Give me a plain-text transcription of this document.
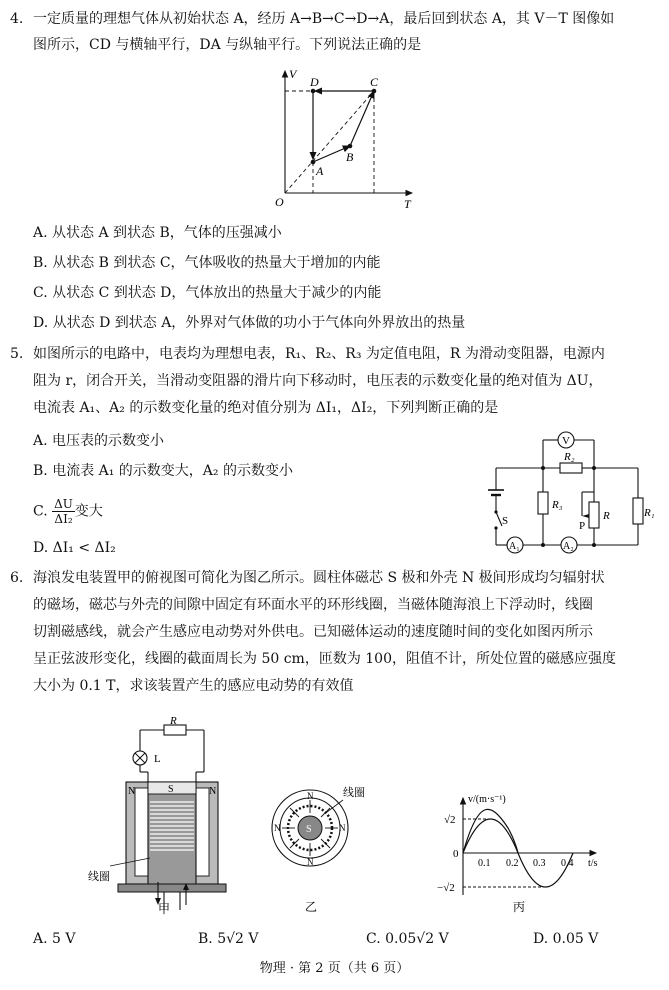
4. 一定质量的理想气体从初始状态 A，经历 A→B→C→D→A，最后回到状态 A，其 V－T 图像如
图所示，CD 与横轴平行，DA 与纵轴平行。下列说法正确的是
V
T
O
A
B
C
D
A. 从状态 A 到状态 B，气体的压强减小
B. 从状态 B 到状态 C，气体吸收的热量大于增加的内能
C. 从状态 C 到状态 D，气体放出的热量大于减少的内能
D. 从状态 D 到状态 A，外界对气体做的功小于气体向外界放出的热量
5. 如图所示的电路中，电表均为理想电表，R₁、R₂、R₃ 为定值电阻，R 为滑动变阻器，电源内
阻为 r，闭合开关，当滑动变阻器的滑片向下移动时，电压表的示数变化量的绝对值为 ΔU，
电流表 A₁、A₂ 的示数变化量的绝对值分别为 ΔI₁，ΔI₂，下列判断正确的是
A. 电压表的示数变小
B. 电流表 A₁ 的示数变大，A₂ 的示数变小
C. $\frac{\Delta U}{\text{ΔI₂}}$ 变大
D. ΔI₁ < ΔI₂
V
R₂
R₃
R	R₁
P
S
A₁	A₂
6. 海浪发电装置甲的俯视图可简化为图乙所示。圆柱体磁芯 S 极和外壳 N 极间形成均匀辐射状
的磁场，磁芯与外壳的间隙中固定有环面水平的环形线圈，当磁体随海浪上下浮动时，线圈
切割磁感线，就会产生感应电动势对外供电。已知磁体运动的速度随时间的变化如图丙所示
呈正弦波形变化，线圈的截面周长为 50 cm，匝数为 100，阻值不计，所处位置的磁感应强度
大小为 0.1 T，求该装置产生的感应电动势的有效值
R
L
N	S	N
线圈
甲
N
N
N	N
S
线圈
乙
v/(m·s⁻¹)
√2
0
−√2
0.1 0.2 0.3 0.4 t/s
丙
A. 5 V	B. 5√2 V	C. 0.05√2 V	D. 0.05 V
物理 · 第 2 页（共 6 页）
